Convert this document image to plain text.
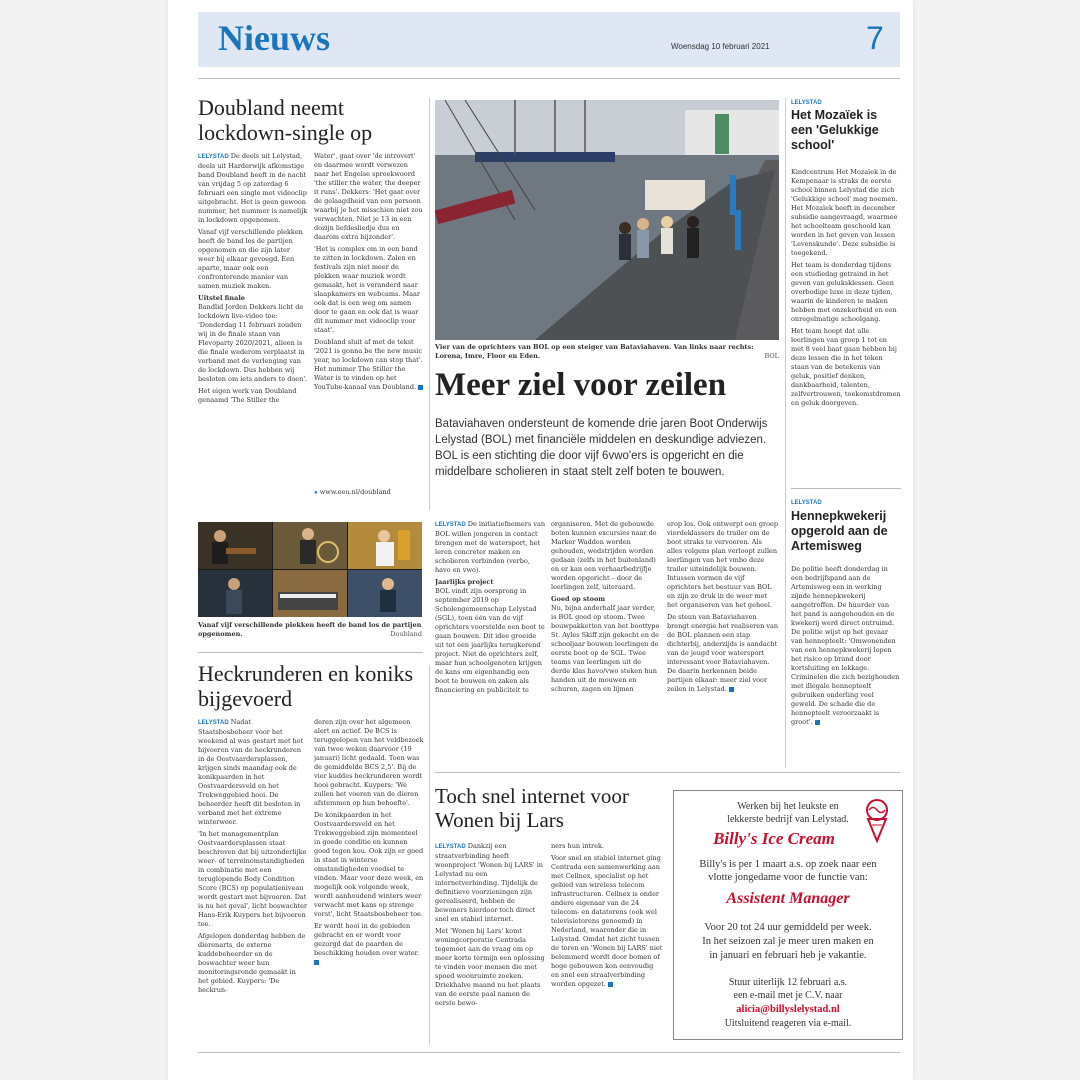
Nieuws	Woensdag 10 februari 2021	7
Doubland neemt lockdown-single op

LELYSTAD De deels uit Lelystad, deels uit Harderwijk afkomstige band Doubland heeft in de nacht van vrijdag 5 op zaterdag 6 februari een single met videoclip uitgebracht. Het is geen gewoon nummer, het nummer is namelijk in lockdown opgenomen.

Vanaf vijf verschillende plekken heeft de band los de partijen opgenomen en die zijn later weer bij elkaar gevoegd. Een aparte, maar ook een confronterende manier van samen muziek maken.

Uitstel finale
Bandlid Jorden Dekkers licht de lockdown live-video toe: 'Donderdag 11 februari zouden wij in de finale staan van Flevoparty 2020/2021, alleen is die finale wederom verplaatst in verband met de verlenging van de lockdown. Dus hebben wij besloten om iets anders te doen'.

Het eigen werk van Doubland genaamd 'The Stiller the

Water', gaat over 'de introvert' en daarmee wordt verwezen naar het Engelse spreekwoord 'the stiller the water, the deeper it runs'. Dekkers: 'Het gaat over de gelaagdheid van een persoon waarbij je het misschien niet zou verwachten. Niet je 13 in een dozijn liefdesliedje dus en daarom extra bijzonder'.

'Het is complex om in een band te zitten in lockdown. Zalen en festivals zijn niet meer de plekken waar muziek wordt gemaakt, het is veranderd naar slaapkamers en webcams. Maar ook dat is een weg om samen door te gaan en ook dat is waar dit nummer met videoclip voor staat'.

Doubland sluit af met de tekst '2021 is gonna be the new music year, no lockdown can stop that'. Het nummer The Stiller the Water is te vinden op het YouTube-kanaal van Doubland.

● www.eeu.nl/doubland
Vanaf vijf verschillende plekken heeft de band los de partijen opgenomen.	Doubland
Heckrunderen en koniks bijgevoerd

LELYSTAD Nadat Staatsbosbeheer voor het weekend al was gestart met het bijvoeren van de heckrunderen in de Oostvaardersplassen, krijgen sinds maandag ook de konikpaarden in het Oostvaardersveld en het Trekweggebied hooi. De beheerder heeft dit besloten in verband met het extreme winterweer.

'In het managementplan Oostvaardersplassen staat beschreven dat bij uitzonderlijke weer- of terreinomstandigheden in combinatie met een teruglopende Body Condition Score (BCS) op populatieniveau wordt gestart met bijvoeren. Dat is nu het geval', licht boswachter Hans-Erik Kuypers het bijvoeren toe.

Afgelopen donderdag hebben de dierenarts, de externe kuddebeheerder en de boswachter weer hun monitoringsronde gemaakt in het gebied. Kuypers: 'De heckrun-

deren zijn over het algemeen alert en actief. De BCS is teruggelopen van het veldbezoek van twee weken daarvoor (19 januari) licht gedaald. Toen was de gemiddelde BCS 2,5'. Bij de vier kuddes heckrunderen wordt hooi gebracht. Kuypers: 'We zullen het voeren van de dieren afstemmen op hun behoefte'.

De konikpaarden in het Oostvaardersveld en het Trekweggebied zijn momenteel in goede conditie en kunnen goed tegen kou. Ook zijn er goed in staat in winterse omstandigheden voedsel te vinden. Maar voor deze week, en mogelijk ook volgende week, wordt aanhoudend winters weer verwacht met kans op strenge vorst', licht Staatsbosbeheer toe.

Er wordt hooi in de gebieden gebracht en er wordt voor gezorgd dat de paarden de beschikking houden over water.

Vier van de oprichters van BOL op een steiger van Bataviahaven. Van links naar rechts: Lorena, Imre, Floor en Eden.	BOL
Meer ziel voor zeilen
Bataviahaven ondersteunt de komende drie jaren Boot Onderwijs Lelystad (BOL) met financiële middelen en deskundige adviezen. BOL is een stichting die door vijf 6vwo'ers is opgericht en die middelbare scholieren in staat stelt zelf boten te bouwen.

LELYSTAD De initiatiefnemers van BOL willen jongeren in contact brengen met de watersport, het leren concreter maken en scholieren verbinden (verbo, havo en vwo).

Jaarlijks project
BOL vindt zijn oorsprong in september 2019 op Scholengemeenschap Lelystad (SGL), toen één van de vijf oprichters voorstelde een boot te gaan bouwen. Dit idee groeide uit tot een jaarlijks terugkerend project. Niet de oprichters zelf, maar hun schoolgenoten krijgen de kans om eigenhandig een boot te bouwen en zaken als financiering en publiciteit te

organiseren. Met de gebouwde boten kunnen excursies naar de Marker Wadden worden gehouden, wedstrijden worden gedaan (zelfs in het buitenland) en er kan een verhaarbedrijfje worden opgericht – door de leerlingen zelf, uiteraard.

Goed op stoom
Nu, bijna anderhalf jaar verder, is BOL goed op stoom. Twee bouwpakketten van het boottype St. Ayles Skiff zijn gekocht en de schooljaar bouwen leerlingen de eerste boot op de SGL. Twee teams van leerlingen uit de derde klas havo/vwo steken hun handen uit de mouwen en schuren, zagen en lijmen

erop los. Ook ontwerpt een groep vierdeklassers de trailer om de boot straks te vervoeren. Als alles volgens plan verloopt zullen leerlingen van het vmbo deze trailer uiteindelijk bouwen. Intussen vormen de vijf oprichters het bestuur van BOL en zijn ze druk in de weer met het organiseren van het geheel.

De steun van Bataviahaven brengt energie het realiseren van de BOL plannen een stap dichterbij, anderzijds is aandacht van de jeugd voor watersport interessant voor Bataviahaven. De daarin herkennen beide partijen elkaar: meer ziel voor zeilen in Lelystad.

Toch snel internet voor Wonen bij Lars

LELYSTAD Dankzij een straatverbinding heeft woonproject 'Wonen bij LARS' in Lelystad nu een internetverbinding. Tijdelijk de definitieve voorzieningen zijn gerealiseerd, hebben de bewoners hierdoor toch direct snel en stabiel internet.

Met 'Wonen bij Lars' komt woningcorporatie Centrada tegemoet aan de vraag om op meer korte termijn een oplossing te vinden voor mensen die met spoed woonruimte zoeken. Driekhalve maand nu het plaats van de eerste paal namen de eerste bewo-

ners hun intrek.

Voor snel en stabiel internet ging Centrada een samenwerking aan met Cellnex, specialist op het gebied van wireless telecom infrastructuren. Cellnex is onder andere eigenaar van de 24 telecom- en datatorens (ook wel televisietorens genoemd) in Nederland, waaronder die in Lelystad. Omdat het zicht tussen de toren en 'Wonen bij LARS' niet belemmerd wordt door bomen of hoge gebouwen kon eenvoudig en snel een straalverbinding worden opgezet.

LELYSTAD
Het Mozaïek is een 'Gelukkige school'

Kindcentrum Het Mozaïek in de Kempenaar is straks de eerste school binnen Lelystad die zich 'Gelukkige school' mag noemen. Het Mozaïek heeft in december subsidie aangevraagd, waarmee het schoolteam geschoold kan worden in het geven van lessen 'Levenskunde'. Deze subsidie is toegekend.

Het team is donderdag tijdens een studiedag getraind in het geven van geluksklessen. Geen overbodige luxe in deze tijden, waarin de kinderen te maken hebben met onzekerheid en een onregelmatige schoolgang.

Het team hoopt dat alle leerlingen van groep 1 tot en met 8 veel baat gaan hebben bij deze lessen die in het teken staan van de betekenis van geluk, positief denken, dankbaarheid, talenten, zelfvertrouwen, toekomstdromen en geluk doorgeven.

LELYSTAD
Hennepkwekerij opgerold aan de Artemisweg

De politie heeft donderdag in een bedrijfspand aan de Artemisweg een in werking zijnde hennepkwekerij aangetroffen. De huurder van het pand is aangehouden en de kwekerij werd direct ontruimd. De politie wijst op het gevaar van hennepteelt: 'Omwonenden van een hennepkwekerij lopen het risico op brand door kortsluiting en lekkage. Criminelen die zich bezighouden met illegale hennepteelt gebruiken onderling veel geweld. De schade die de hennepteelt veroorzaakt is groot'.

Werken bij het leukste en
lekkerste bedrijf van Lelystad.
Billy's Ice Cream
Billy's is per 1 maart a.s. op zoek naar een
vlotte jongedame voor de functie van:
Assistent Manager
Voor 20 tot 24 uur gemiddeld per week.
In het seizoen zal je meer uren maken en
in januari en februari heb je vakantie.
Stuur uiterlijk 12 februari a.s.
een e-mail met je C.V. naar
alicia@billyslelystad.nl
Uitsluitend reageren via e-mail.
